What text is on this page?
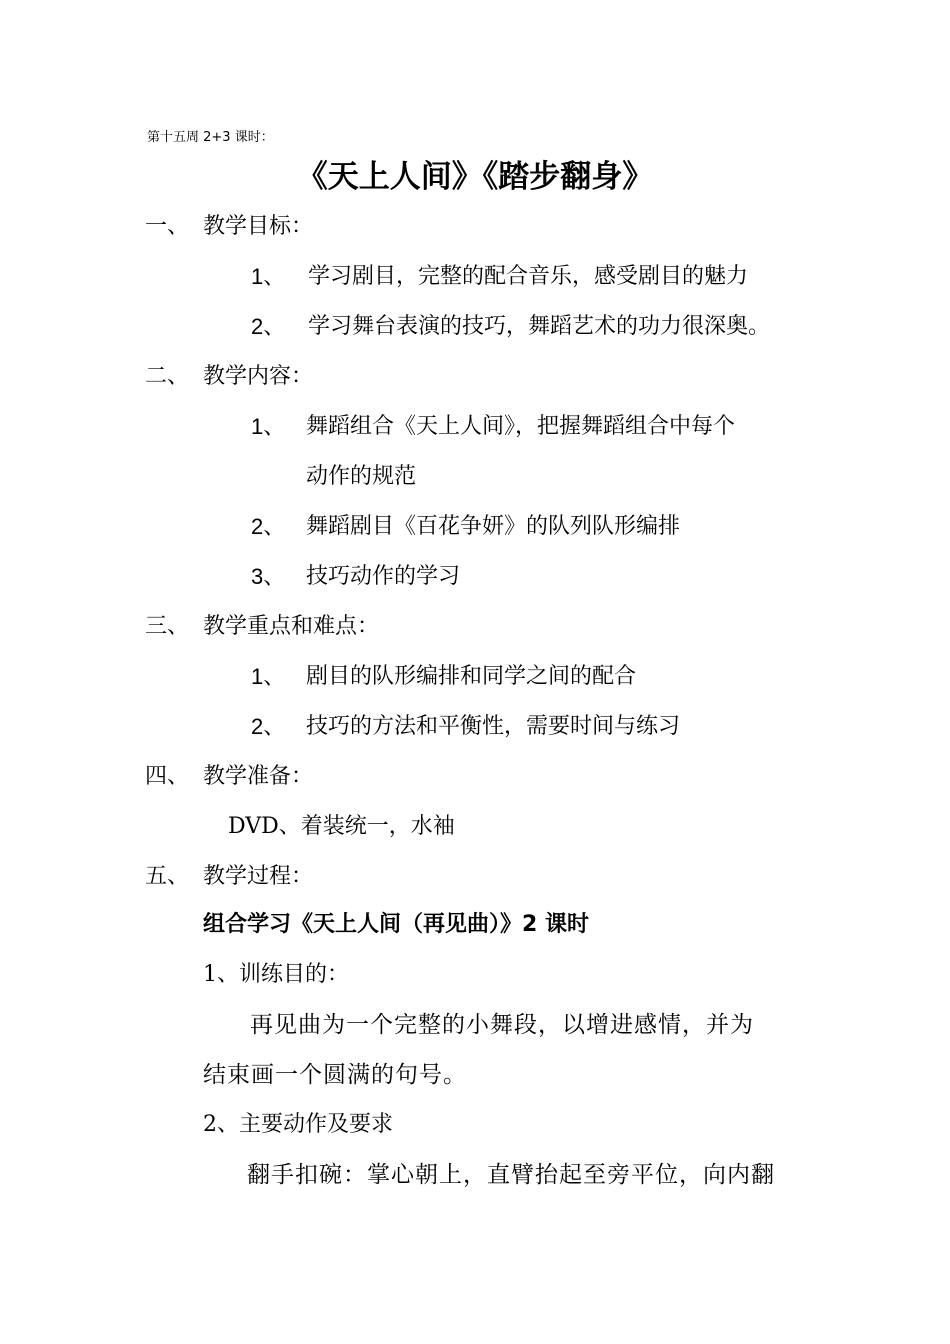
第十五周 2+3 课时：
《天上人间》《踏步翻身》
一、 教学目标：
1、 学习剧目，完整的配合音乐，感受剧目的魅力
2、 学习舞台表演的技巧，舞蹈艺术的功力很深奥。
二、 教学内容：
1、 舞蹈组合《天上人间》，把握舞蹈组合中每个
动作的规范
2、 舞蹈剧目《百花争妍》的队列队形编排
3、 技巧动作的学习
三、 教学重点和难点：
1、 剧目的队形编排和同学之间的配合
2、 技巧的方法和平衡性，需要时间与练习
四、 教学准备：
DVD、着装统一，水袖
五、 教学过程：
组合学习《天上人间（再见曲）》2 课时
1、训练目的：
再见曲为一个完整的小舞段，以增进感情，并为
结束画一个圆满的句号。
2、主要动作及要求
翻手扣碗：掌心朝上，直臂抬起至旁平位，向内翻
